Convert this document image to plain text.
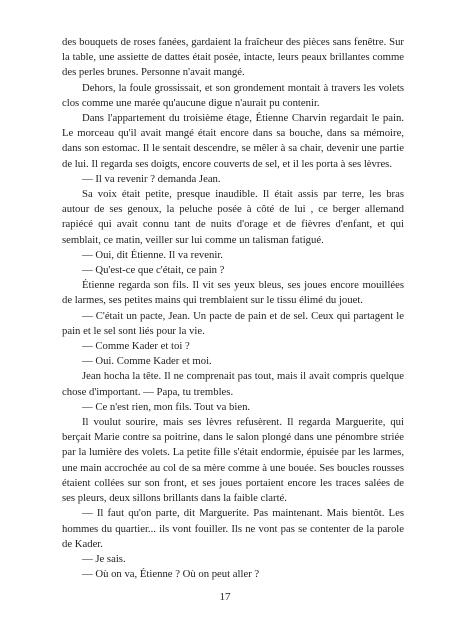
des bouquets de roses fanées, gardaient la fraîcheur des pièces sans fenêtre. Sur la table, une assiette de dattes était posée, intacte, leurs peaux brillantes comme des perles brunes. Personne n'avait mangé.

Dehors, la foule grossissait, et son grondement montait à travers les volets clos comme une marée qu'aucune digue n'aurait pu contenir.

Dans l'appartement du troisième étage, Étienne Charvin regardait le pain. Le morceau qu'il avait mangé était encore dans sa bouche, dans sa mémoire, dans son estomac. Il le sentait descendre, se mêler à sa chair, devenir une partie de lui. Il regarda ses doigts, encore couverts de sel, et il les porta à ses lèvres.

— Il va revenir ? demanda Jean.

Sa voix était petite, presque inaudible. Il était assis par terre, les bras autour de ses genoux, la peluche posée à côté de lui , ce berger allemand rapiécé qui avait connu tant de nuits d'orage et de fièvres d'enfant, et qui semblait, ce matin, veiller sur lui comme un talisman fatigué.

— Oui, dit Étienne. Il va revenir.

— Qu'est-ce que c'était, ce pain ?

Étienne regarda son fils. Il vit ses yeux bleus, ses joues encore mouillées de larmes, ses petites mains qui tremblaient sur le tissu élimé du jouet.

— C'était un pacte, Jean. Un pacte de pain et de sel. Ceux qui partagent le pain et le sel sont liés pour la vie.

— Comme Kader et toi ?

— Oui. Comme Kader et moi.

Jean hocha la tête. Il ne comprenait pas tout, mais il avait compris quelque chose d'important. — Papa, tu trembles.

— Ce n'est rien, mon fils. Tout va bien.

Il voulut sourire, mais ses lèvres refusèrent. Il regarda Marguerite, qui berçait Marie contre sa poitrine, dans le salon plongé dans une pénombre striée par la lumière des volets. La petite fille s'était endormie, épuisée par les larmes, une main accrochée au col de sa mère comme à une bouée. Ses boucles rousses étaient collées sur son front, et ses joues portaient encore les traces salées de ses pleurs, deux sillons brillants dans la faible clarté.

— Il faut qu'on parte, dit Marguerite. Pas maintenant. Mais bientôt. Les hommes du quartier... ils vont fouiller. Ils ne vont pas se contenter de la parole de Kader.

— Je sais.

— Où on va, Étienne ? Où on peut aller ?

17
